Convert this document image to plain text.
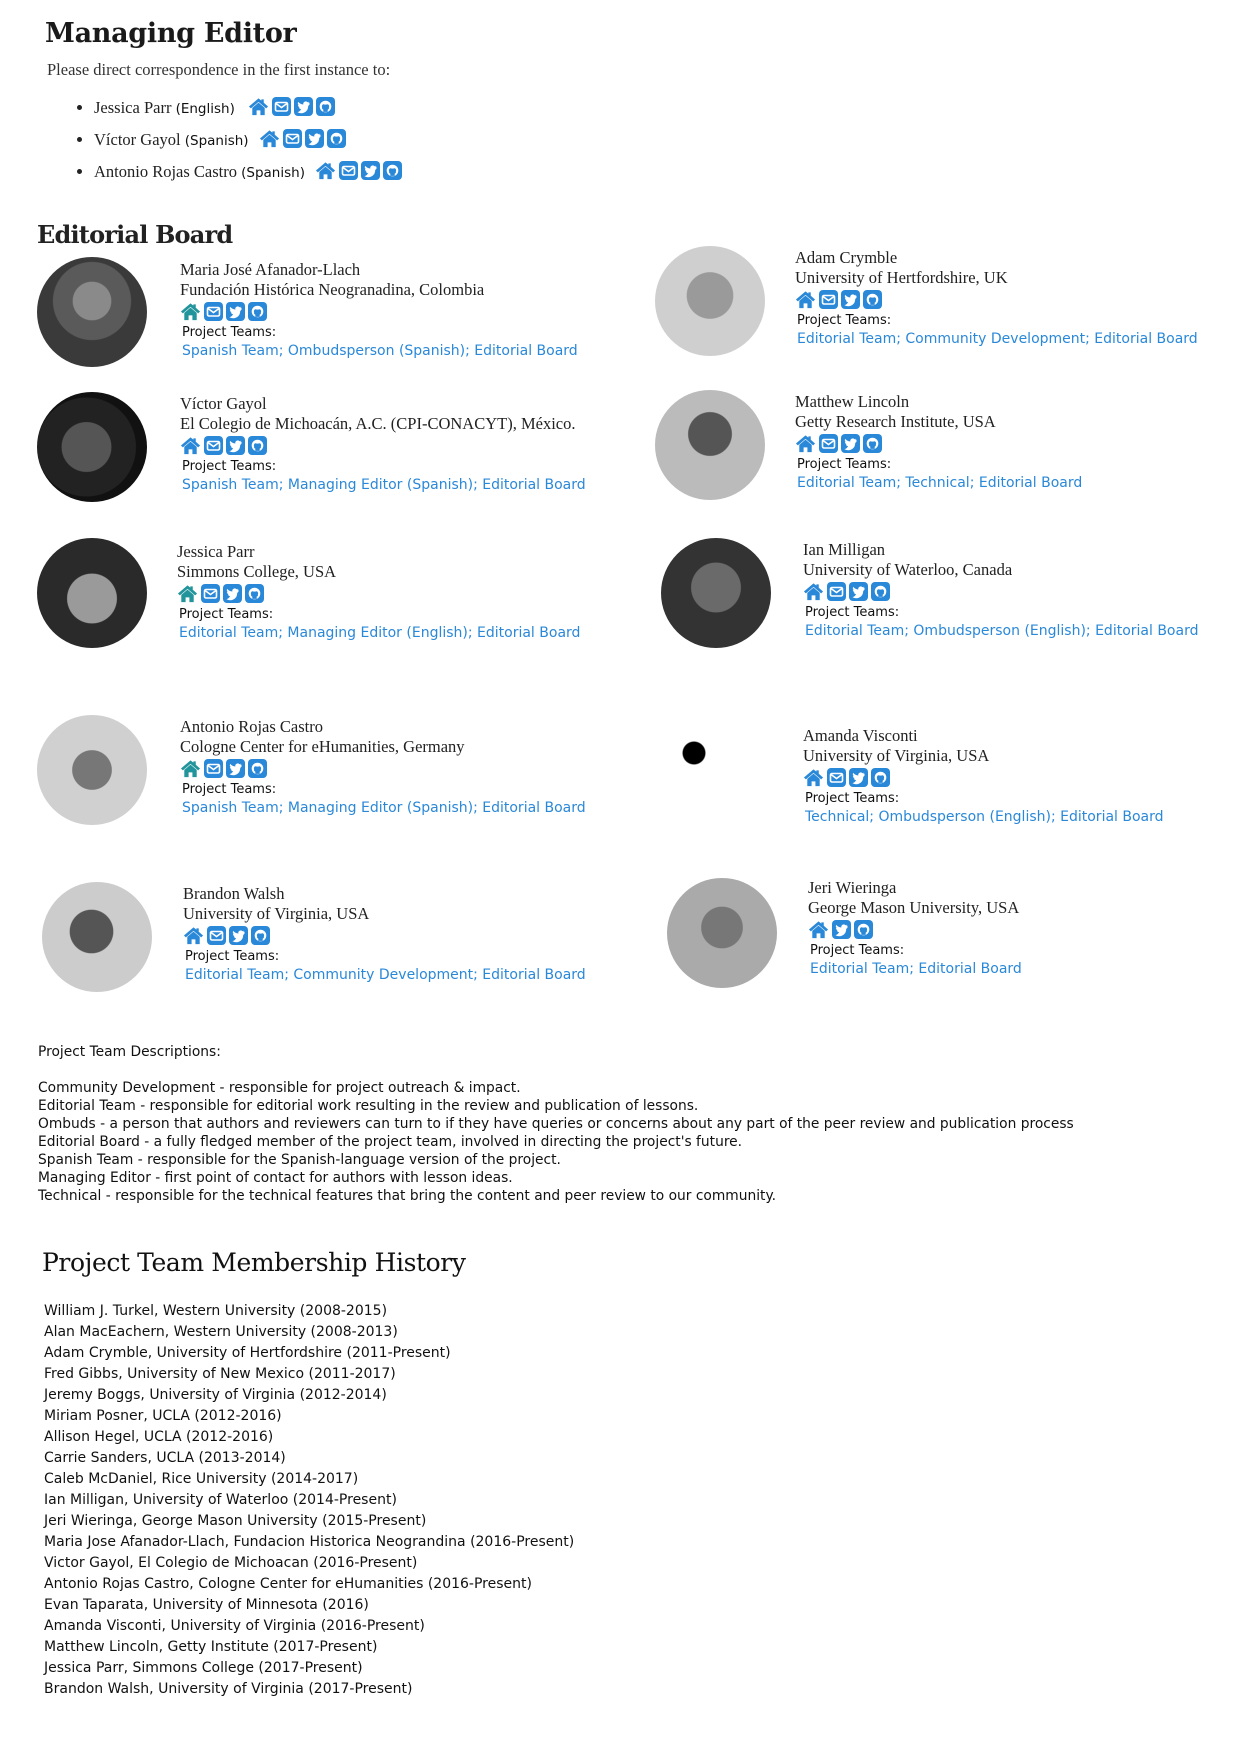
Managing Editor
Please direct correspondence in the first instance to:
• Jessica Parr (English)
• Víctor Gayol (Spanish)
• Antonio Rojas Castro (Spanish)
Editorial Board
Maria José Afanador-Llach
Fundación Histórica Neogranadina, Colombia
Project Teams:
Spanish Team; Ombudsperson (Spanish); Editorial Board
Adam Crymble
University of Hertfordshire, UK
Project Teams:
Editorial Team; Community Development; Editorial Board
Víctor Gayol
El Colegio de Michoacán, A.C. (CPI-CONACYT), México.
Project Teams:
Spanish Team; Managing Editor (Spanish); Editorial Board
Matthew Lincoln
Getty Research Institute, USA
Project Teams:
Editorial Team; Technical; Editorial Board
Jessica Parr
Simmons College, USA
Project Teams:
Editorial Team; Managing Editor (English); Editorial Board
Ian Milligan
University of Waterloo, Canada
Project Teams:
Editorial Team; Ombudsperson (English); Editorial Board
Antonio Rojas Castro
Cologne Center for eHumanities, Germany
Project Teams:
Spanish Team; Managing Editor (Spanish); Editorial Board
Amanda Visconti
University of Virginia, USA
Project Teams:
Technical; Ombudsperson (English); Editorial Board
Brandon Walsh
University of Virginia, USA
Project Teams:
Editorial Team; Community Development; Editorial Board
Jeri Wieringa
George Mason University, USA
Project Teams:
Editorial Team; Editorial Board
Project Team Descriptions:

Community Development - responsible for project outreach & impact.
Editorial Team - responsible for editorial work resulting in the review and publication of lessons.
Ombuds - a person that authors and reviewers can turn to if they have queries or concerns about any part of the peer review and publication process
Editorial Board - a fully fledged member of the project team, involved in directing the project's future.
Spanish Team - responsible for the Spanish-language version of the project.
Managing Editor - first point of contact for authors with lesson ideas.
Technical - responsible for the technical features that bring the content and peer review to our community.
Project Team Membership History
William J. Turkel, Western University (2008-2015)
Alan MacEachern, Western University (2008-2013)
Adam Crymble, University of Hertfordshire (2011-Present)
Fred Gibbs, University of New Mexico (2011-2017)
Jeremy Boggs, University of Virginia (2012-2014)
Miriam Posner, UCLA (2012-2016)
Allison Hegel, UCLA (2012-2016)
Carrie Sanders, UCLA (2013-2014)
Caleb McDaniel, Rice University (2014-2017)
Ian Milligan, University of Waterloo (2014-Present)
Jeri Wieringa, George Mason University (2015-Present)
Maria Jose Afanador-Llach, Fundacion Historica Neograndina (2016-Present)
Victor Gayol, El Colegio de Michoacan (2016-Present)
Antonio Rojas Castro, Cologne Center for eHumanities (2016-Present)
Evan Taparata, University of Minnesota (2016)
Amanda Visconti, University of Virginia (2016-Present)
Matthew Lincoln, Getty Institute (2017-Present)
Jessica Parr, Simmons College (2017-Present)
Brandon Walsh, University of Virginia (2017-Present)
